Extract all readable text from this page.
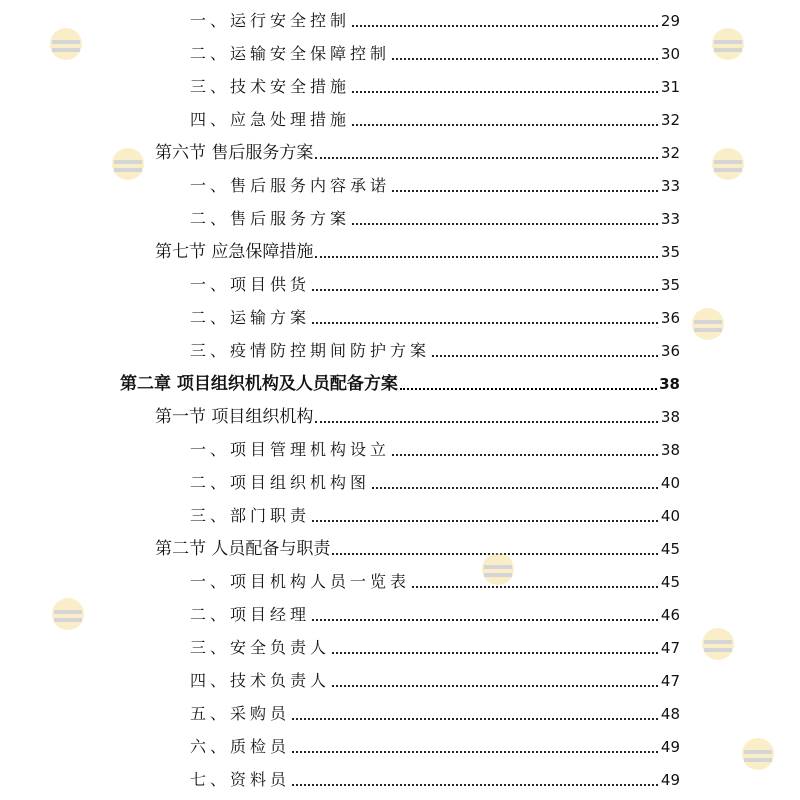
一、运行安全控制	29
二、运输安全保障控制	30
三、技术安全措施	31
四、应急处理措施	32
第六节 售后服务方案	32
一、售后服务内容承诺	33
二、售后服务方案	33
第七节 应急保障措施	35
一、项目供货	35
二、运输方案	36
三、疫情防控期间防护方案	36
第二章 项目组织机构及人员配备方案	38
第一节 项目组织机构	38
一、项目管理机构设立	38
二、项目组织机构图	40
三、部门职责	40
第二节 人员配备与职责	45
一、项目机构人员一览表	45
二、项目经理	46
三、安全负责人	47
四、技术负责人	47
五、采购员	48
六、质检员	49
七、资料员	49
